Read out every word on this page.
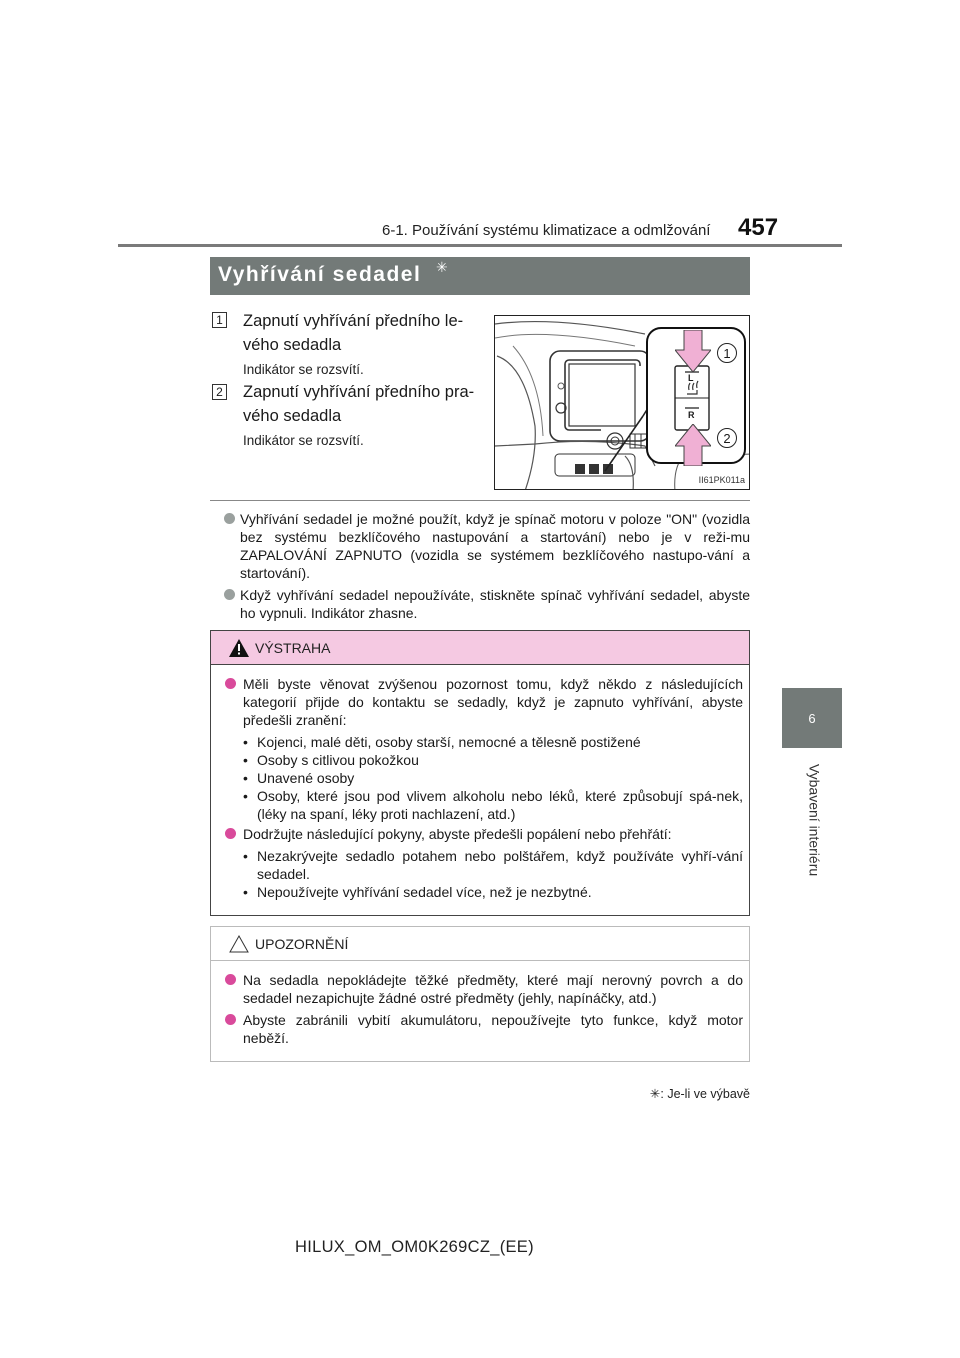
6-1. Používání systému klimatizace a odmlžování 457
6
Vybavení interiéru
Vyhřívání sedadel ✳
1 Zapnutí vyhřívání předního le-
vého sedadla
Indikátor se rozsvítí.
2 Zapnutí vyhřívání předního pra-
vého sedadla
Indikátor se rozsvítí.
L
R
1
2
II61PK011a
Vyhřívání sedadel je možné použít, když je spínač motoru v poloze "ON" (vozidla bez systému bezklíčového nastupování a startování) nebo je v reži-mu ZAPALOVÁNÍ ZAPNUTO (vozidla se systémem bezklíčového nastupo-vání a startování).
Když vyhřívání sedadel nepoužíváte, stiskněte spínač vyhřívání sedadel, abyste ho vypnuli. Indikátor zhasne.
VÝSTRAHA
Měli byste věnovat zvýšenou pozornost tomu, když někdo z následujících kategorií přijde do kontaktu se sedadly, když je zapnuto vyhřívání, abyste předešli zranění:
• Kojenci, malé děti, osoby starší, nemocné a tělesně postižené
• Osoby s citlivou pokožkou
• Unavené osoby
• Osoby, které jsou pod vlivem alkoholu nebo léků, které způsobují spá-nek, (léky na spaní, léky proti nachlazení, atd.)
Dodržujte následující pokyny, abyste předešli popálení nebo přehřátí:
• Nezakrývejte sedadlo potahem nebo polštářem, když používáte vyhří-vání sedadel.
• Nepoužívejte vyhřívání sedadel více, než je nezbytné.
UPOZORNĚNÍ
Na sedadla nepokládejte těžké předměty, které mají nerovný povrch a do sedadel nezapichujte žádné ostré předměty (jehly, napínáčky, atd.)
Abyste zabránili vybití akumulátoru, nepoužívejte tyto funkce, když motor neběží.
✳: Je-li ve výbavě
HILUX_OM_OM0K269CZ_(EE)
